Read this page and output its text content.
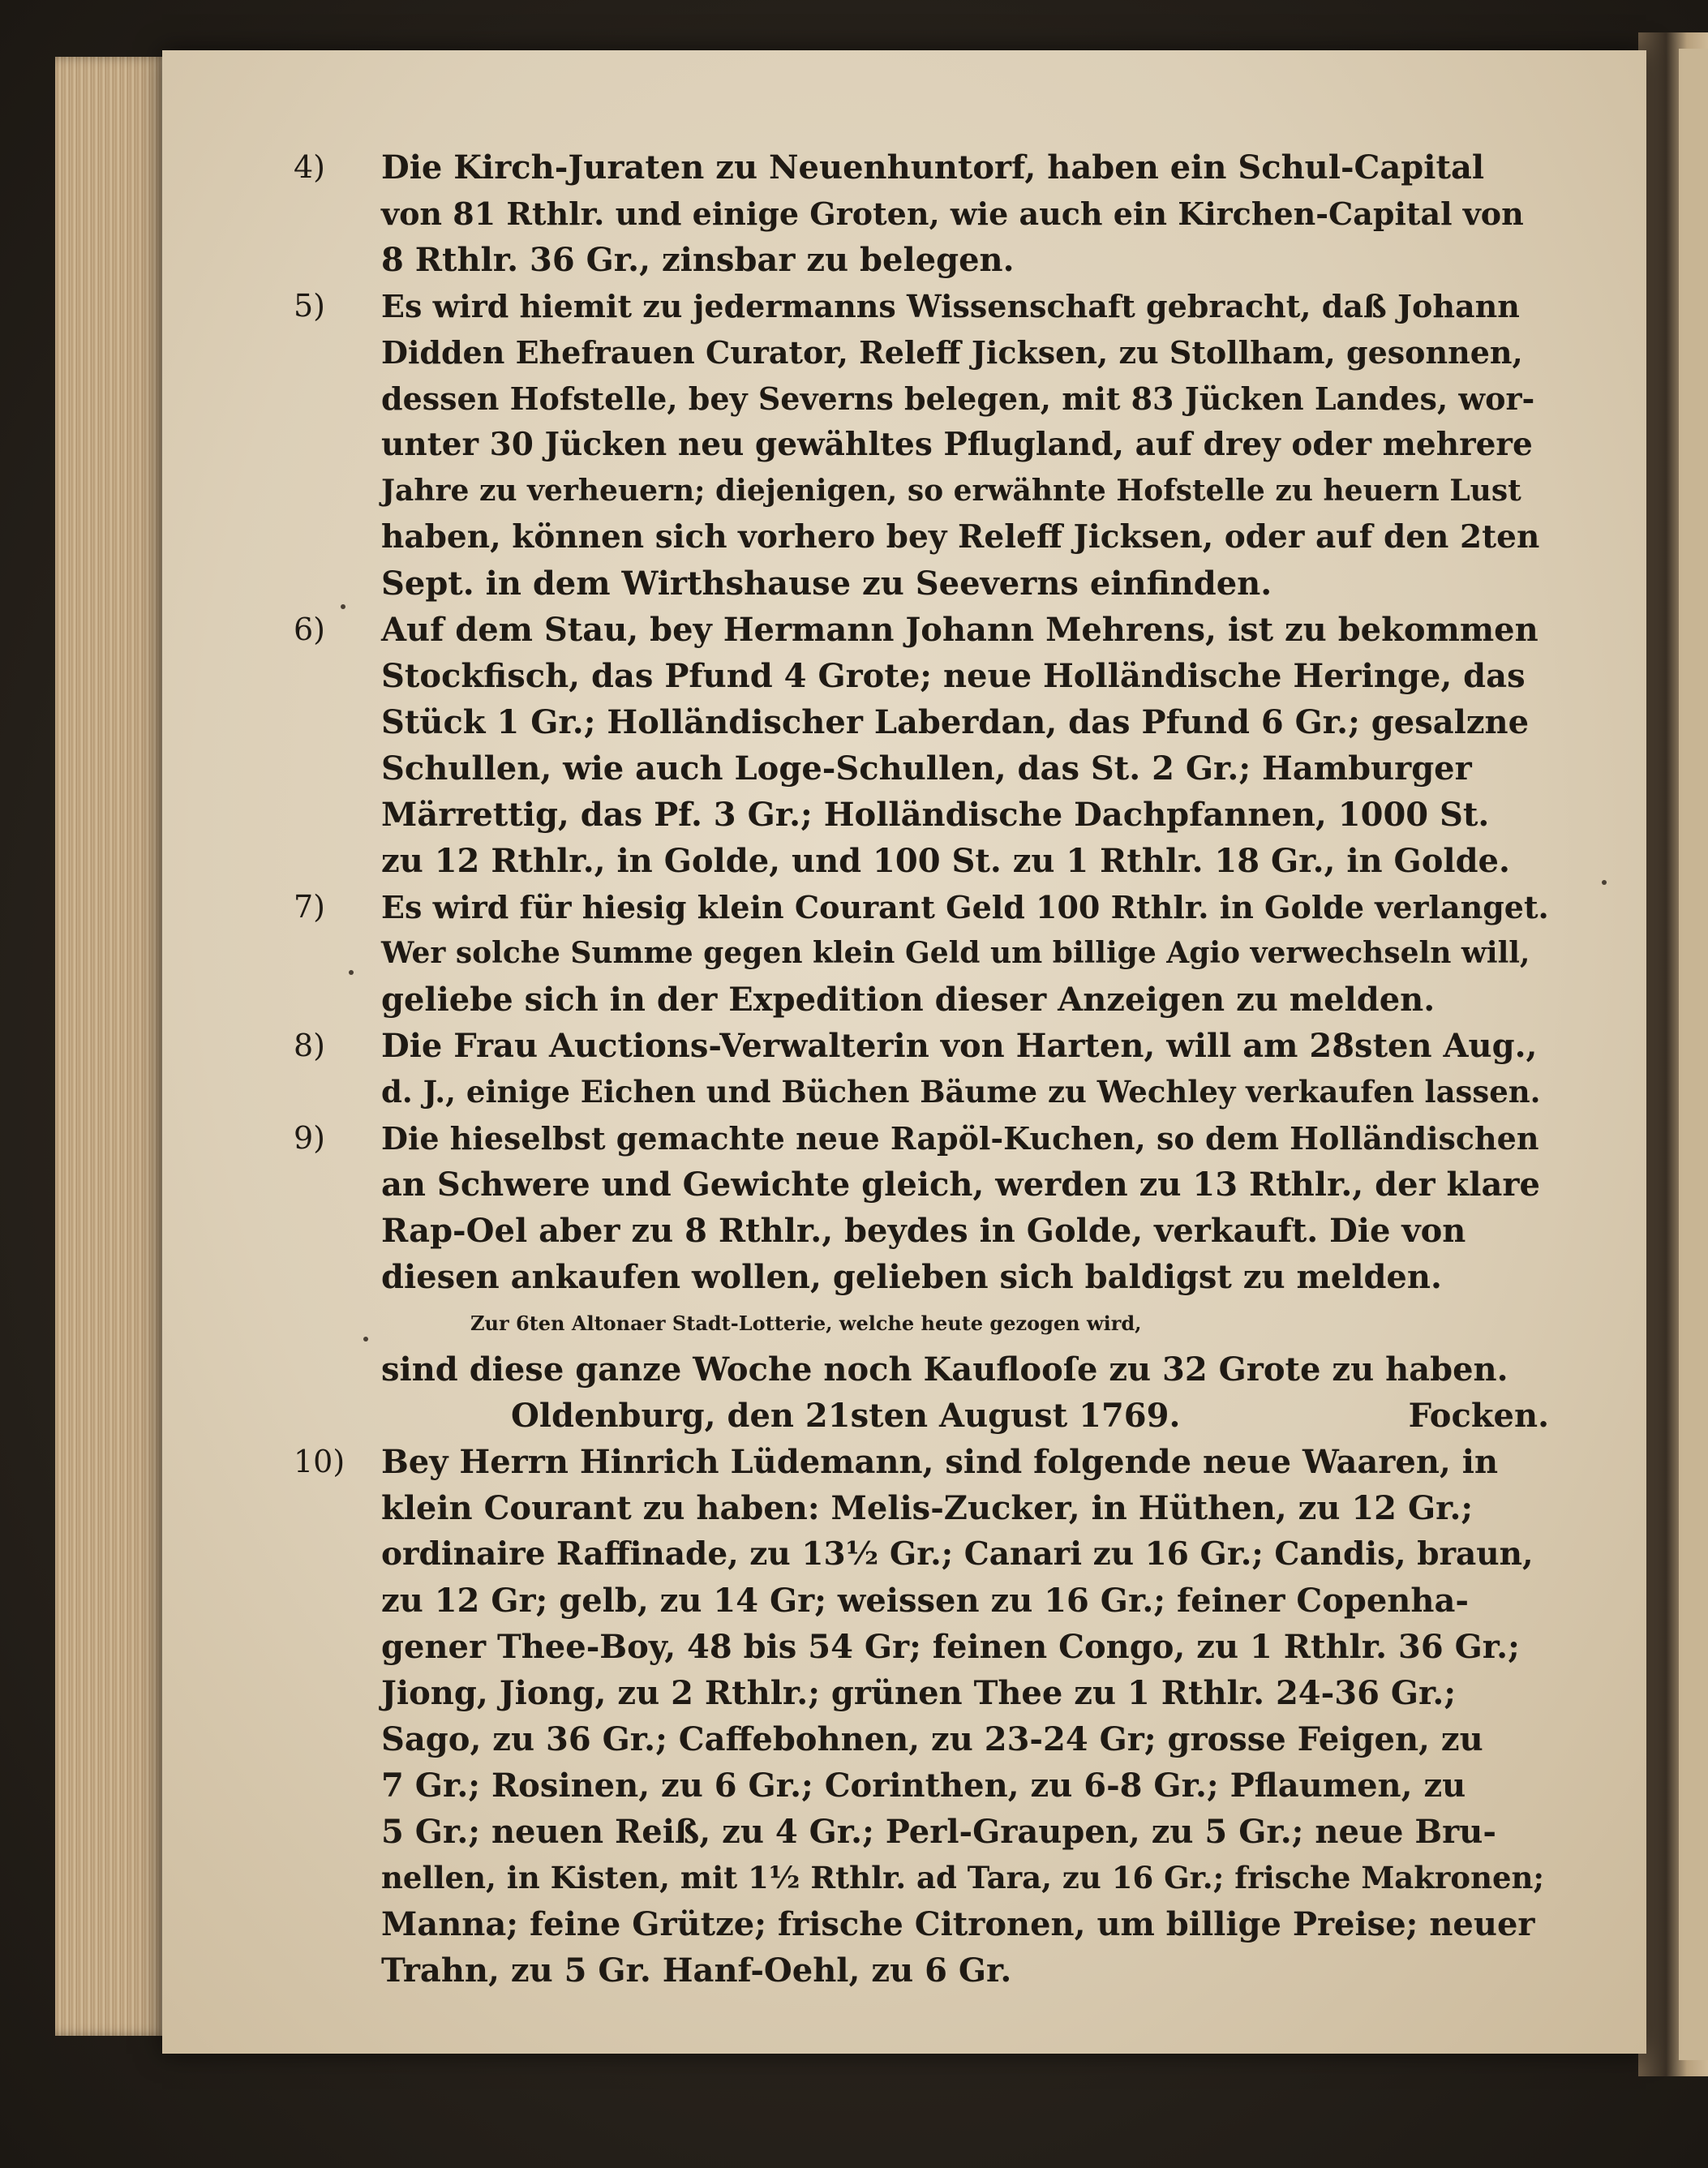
4)	Die Kirch-Juraten zu Neuenhuntorf, haben ein Schul-Capital
von 81 Rthlr. und einige Groten, wie auch ein Kirchen-Capital von
8 Rthlr. 36 Gr., zinsbar zu belegen.
5)	Es wird hiemit zu jedermanns Wissenschaft gebracht, daß Johann
Didden Ehefrauen Curator, Releff Jicksen, zu Stollham, gesonnen,
dessen Hofstelle, bey Severns belegen, mit 83 Jücken Landes, wor-
unter 30 Jücken neu gewähltes Pflugland, auf drey oder mehrere
Jahre zu verheuern; diejenigen, so erwähnte Hofstelle zu heuern Lust
haben, können sich vorhero bey Releff Jicksen, oder auf den 2ten
Sept. in dem Wirthshause zu Seeverns einfinden.
6)	Auf dem Stau, bey Hermann Johann Mehrens, ist zu bekommen
Stockfisch, das Pfund 4 Grote; neue Holländische Heringe, das
Stück 1 Gr.; Holländischer Laberdan, das Pfund 6 Gr.; gesalzne
Schullen, wie auch Loge-Schullen, das St. 2 Gr.; Hamburger
Märrettig, das Pf. 3 Gr.; Holländische Dachpfannen, 1000 St.
zu 12 Rthlr., in Golde, und 100 St. zu 1 Rthlr. 18 Gr., in Golde.
7)	Es wird für hiesig klein Courant Geld 100 Rthlr. in Golde verlanget.
Wer solche Summe gegen klein Geld um billige Agio verwechseln will,
geliebe sich in der Expedition dieser Anzeigen zu melden.
8)	Die Frau Auctions-Verwalterin von Harten, will am 28sten Aug.,
d. J., einige Eichen und Büchen Bäume zu Wechley verkaufen lassen.
9)	Die hieselbst gemachte neue Rapöl-Kuchen, so dem Holländischen
an Schwere und Gewichte gleich, werden zu 13 Rthlr., der klare
Rap-Oel aber zu 8 Rthlr., beydes in Golde, verkauft. Die von
diesen ankaufen wollen, gelieben sich baldigst zu melden.
Zur 6ten Altonaer Stadt-Lotterie, welche heute gezogen wird,
sind diese ganze Woche noch Kauflooſe zu 32 Grote zu haben.
Oldenburg, den 21sten August 1769.	Focken.
10)	Bey Herrn Hinrich Lüdemann, sind folgende neue Waaren, in
klein Courant zu haben: Melis-Zucker, in Hüthen, zu 12 Gr.;
ordinaire Raffinade, zu 13½ Gr.; Canari zu 16 Gr.; Candis, braun,
zu 12 Gr; gelb, zu 14 Gr; weissen zu 16 Gr.; feiner Copenha-
gener Thee-Boy, 48 bis 54 Gr; feinen Congo, zu 1 Rthlr. 36 Gr.;
Jiong, Jiong, zu 2 Rthlr.; grünen Thee zu 1 Rthlr. 24-36 Gr.;
Sago, zu 36 Gr.; Caffebohnen, zu 23-24 Gr; grosse Feigen, zu
7 Gr.; Rosinen, zu 6 Gr.; Corinthen, zu 6-8 Gr.; Pflaumen, zu
5 Gr.; neuen Reiß, zu 4 Gr.; Perl-Graupen, zu 5 Gr.; neue Bru-
nellen, in Kisten, mit 1½ Rthlr. ad Tara, zu 16 Gr.; frische Makronen;
Manna; feine Grütze; frische Citronen, um billige Preise; neuer
Trahn, zu 5 Gr. Hanf-Oehl, zu 6 Gr.
